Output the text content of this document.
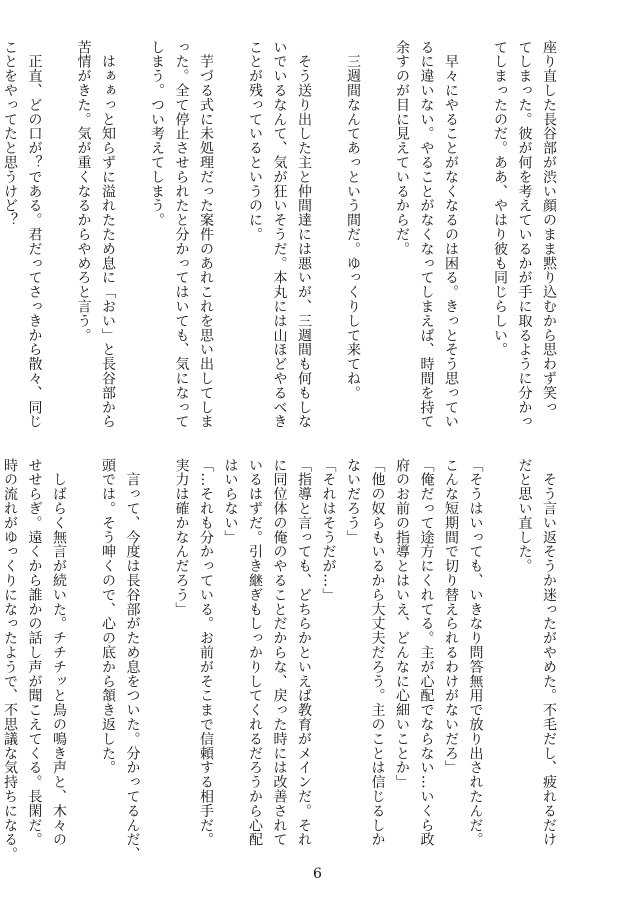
座り直した長谷部が渋い顔のまま黙り込むから思わず笑っ

てしまった。彼が何を考えているかが手に取るように分かっ

てしまったのだ。ああ、やはり彼も同じらしい。

　早々にやることがなくなるのは困る。きっとそう思ってい

るに違いない。やることがなくなってしまえば、時間を持て

余すのが目に見えているからだ。

　三週間なんてあっという間だ。ゆっくりして来てね。

　そう送り出した主と仲間達には悪いが、三週間も何もしな

いでいるなんて、気が狂いそうだ。本丸には山ほどやるべき

ことが残っているというのに。

　芋づる式に未処理だった案件のあれこれを思い出してしま

った。全て停止させられたと分かってはいても、気になって

しまう。つい考えてしまう。

　はぁぁっと知らずに溢れたため息に「おい」と長谷部から

苦情がきた。気が重くなるからやめろと言う。

　正直、どの口が？である。君だってさっきから散々、同じ

ことをやってたと思うけど？

　そう言い返そうか迷ったがやめた。不毛だし、疲れるだけ

だと思い直した。

「そうはいっても、いきなり問答無用で放り出されたんだ。

こんな短期間で切り替えられるわけがないだろ」

「俺だって途方にくれてる。主が心配でならない…いくら政

府のお前の指導とはいえ、どんなに心細いことか」

「他の奴らもいるから大丈夫だろう。主のことは信じるしか

ないだろう」

「それはそうだが…」

「指導と言っても、どちらかといえば教育がメインだ。それ

に同位体の俺のやることだからな、戻った時には改善されて

いるはずだ。引き継ぎもしっかりしてくれるだろうから心配

はいらない」

「…それも分かっている。お前がそこまで信頼する相手だ。

実力は確かなんだろう」

　言って、今度は長谷部がため息をついた。分かってるんだ、

頭では。そう呻くので、心の底から頷き返した。

　しばらく無言が続いた。チチチッと鳥の鳴き声と、木々の

せせらぎ。遠くから誰かの話し声が聞こえてくる。長閑だ。

時の流れがゆっくりになったようで、不思議な気持ちになる。

6
